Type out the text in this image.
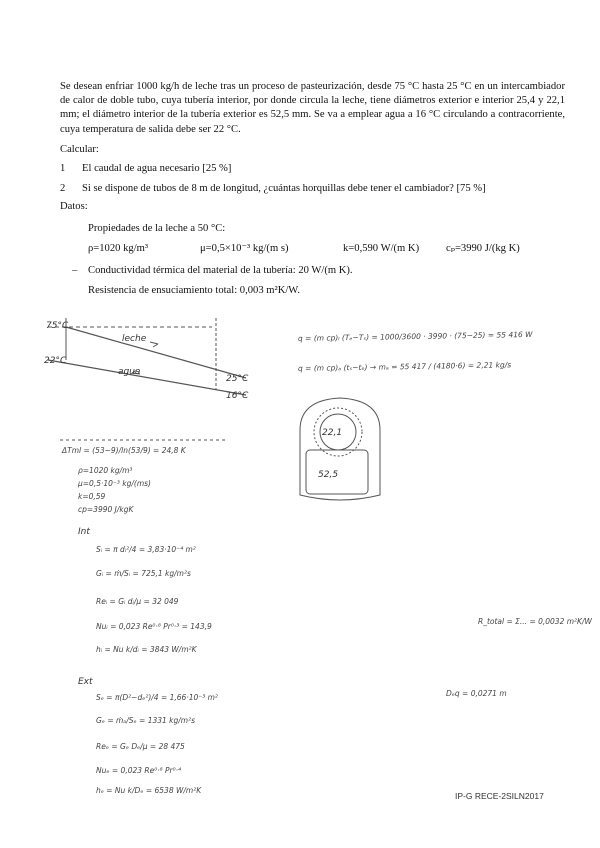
Se desean enfriar 1000 kg/h de leche tras un proceso de pasteurización, desde 75 °C hasta 25 °C en un intercambiador de calor de doble tubo, cuya tubería interior, por donde circula la leche, tiene diámetros exterior e interior 25,4 y 22,1 mm; el diámetro interior de la tubería exterior es 52,5 mm. Se va a emplear agua a 16 °C circulando a contracorriente, cuya temperatura de salida debe ser 22 °C.
Calcular:
1 El caudal de agua necesario [25 %]
2 Si se dispone de tubos de 8 m de longitud, ¿cuántas horquillas debe tener el cambiador? [75 %]
Datos:
Propiedades de la leche a 50 °C:
ρ=1020 kg/m³	μ=0,5×10⁻³ kg/(m s)	k=0,590 W/(m K)	cₚ=3990 J/(kg K)
– Conductividad térmica del material de la tubería: 20 W/(m K).
Resistencia de ensuciamiento total: 0,003 m²K/W.
75°C
22°C
25°C
16°C
leche
agua
22,1
52,5
q = (m cp)ₗ (Tₑ−Tₛ) = 1000/3600 · 3990 · (75−25) = 55 416 W
q = (m cp)ₐ (tₛ−tₑ) → mₐ = 55 417 / (4180·6) = 2,21 kg/s
ΔTml = (53−9)/ln(53/9) = 24,8 K
ρ=1020 kg/m³
μ=0,5·10⁻³ kg/(ms)
k=0,59
cp=3990 J/kgK
Int
Sᵢ = π dᵢ²/4 = 3,83·10⁻⁴ m²
Gᵢ = ṁ/Sᵢ = 725,1 kg/m²s
Reᵢ = Gᵢ dᵢ/μ = 32 049
Nuᵢ = 0,023 Re⁰·⁸ Pr⁰·³ = 143,9
hᵢ = Nu k/dᵢ = 3843 W/m²K
R_total = Σ... = 0,0032 m²K/W
Ext
Sₑ = π(D²−dₑ²)/4 = 1,66·10⁻³ m²
Gₑ = ṁₐ/Sₑ = 1331 kg/m²s
Reₑ = Gₑ Dₑ/μ = 28 475
Nuₑ = 0,023 Re⁰·⁸ Pr⁰·⁴
hₑ = Nu k/Dₑ = 6538 W/m²K
Dₑq = 0,0271 m
IP-G RECE-2SILN2017
